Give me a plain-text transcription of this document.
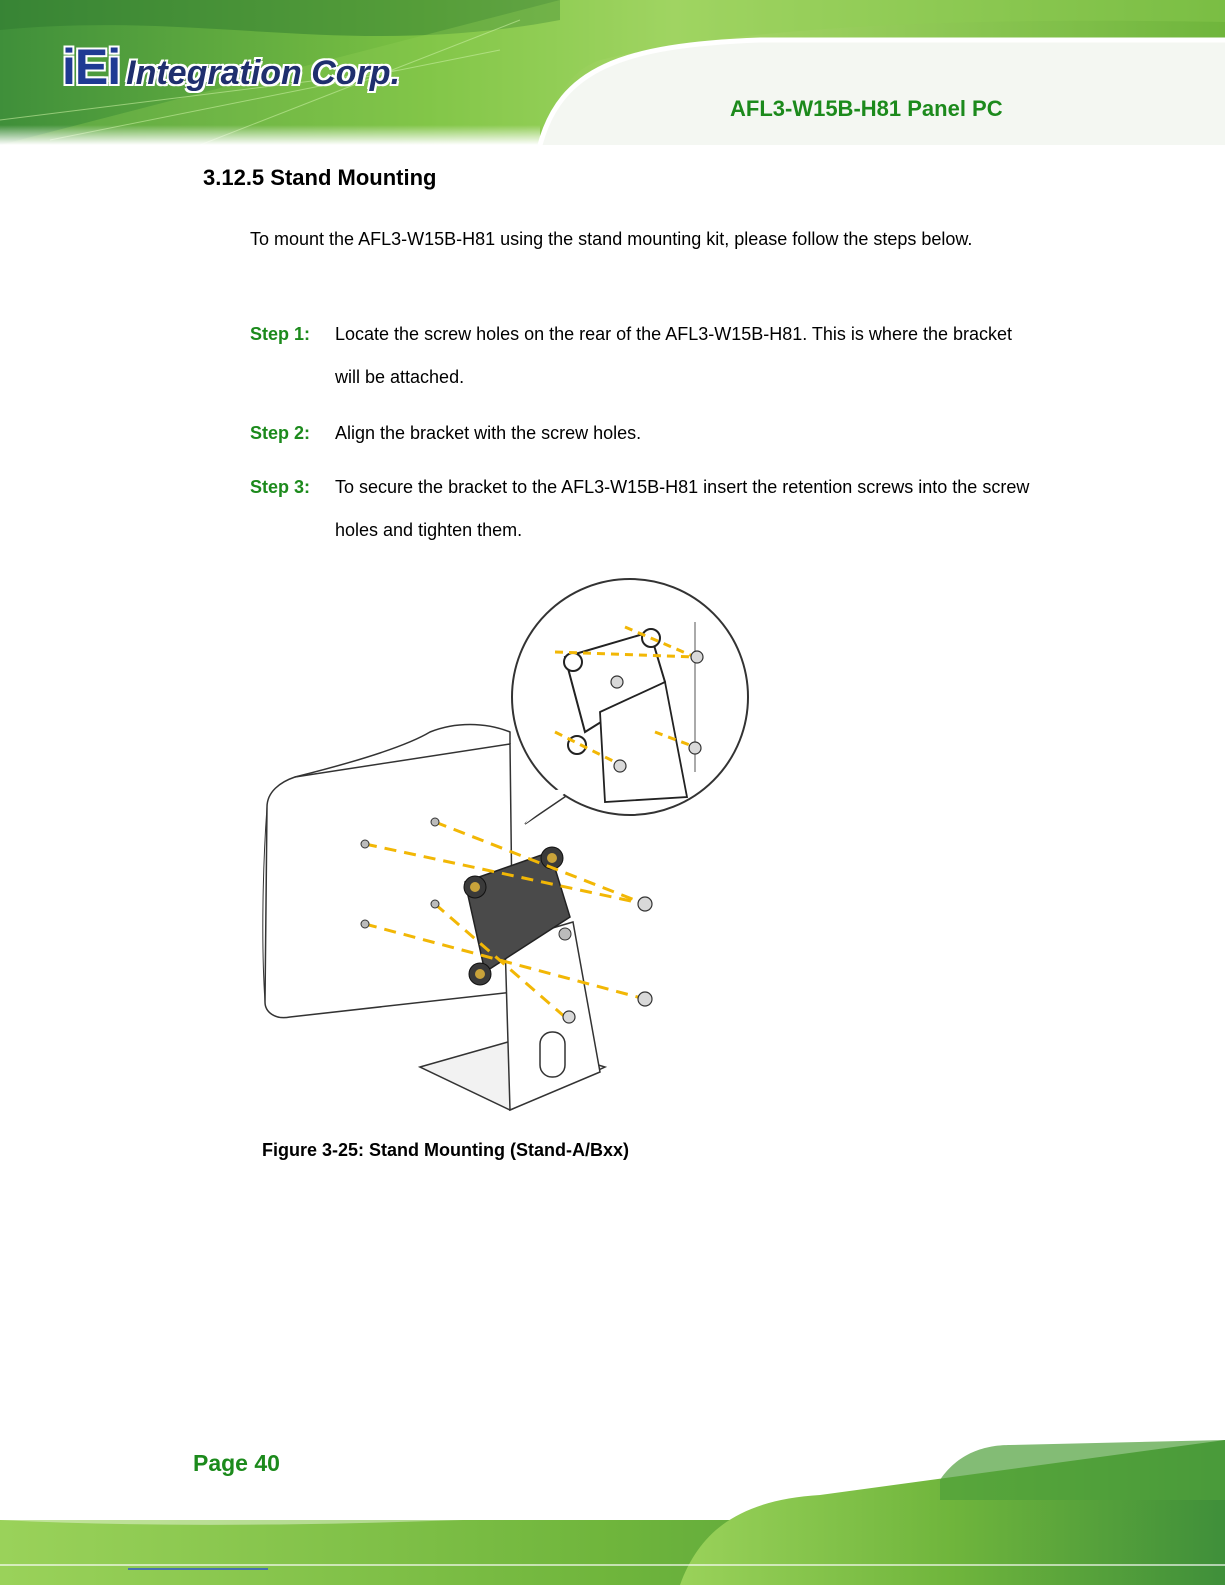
iEi Integration Corp.
AFL3-W15B-H81 Panel PC
3.12.5 Stand Mounting
To mount the AFL3-W15B-H81 using the stand mounting kit, please follow the steps below.
Step 1: Locate the screw holes on the rear of the AFL3-W15B-H81. This is where the bracket will be attached.
Step 2: Align the bracket with the screw holes.
Step 3: To secure the bracket to the AFL3-W15B-H81 insert the retention screws into the screw holes and tighten them.
Figure 3-25: Stand Mounting (Stand-A/Bxx)
Page 40
